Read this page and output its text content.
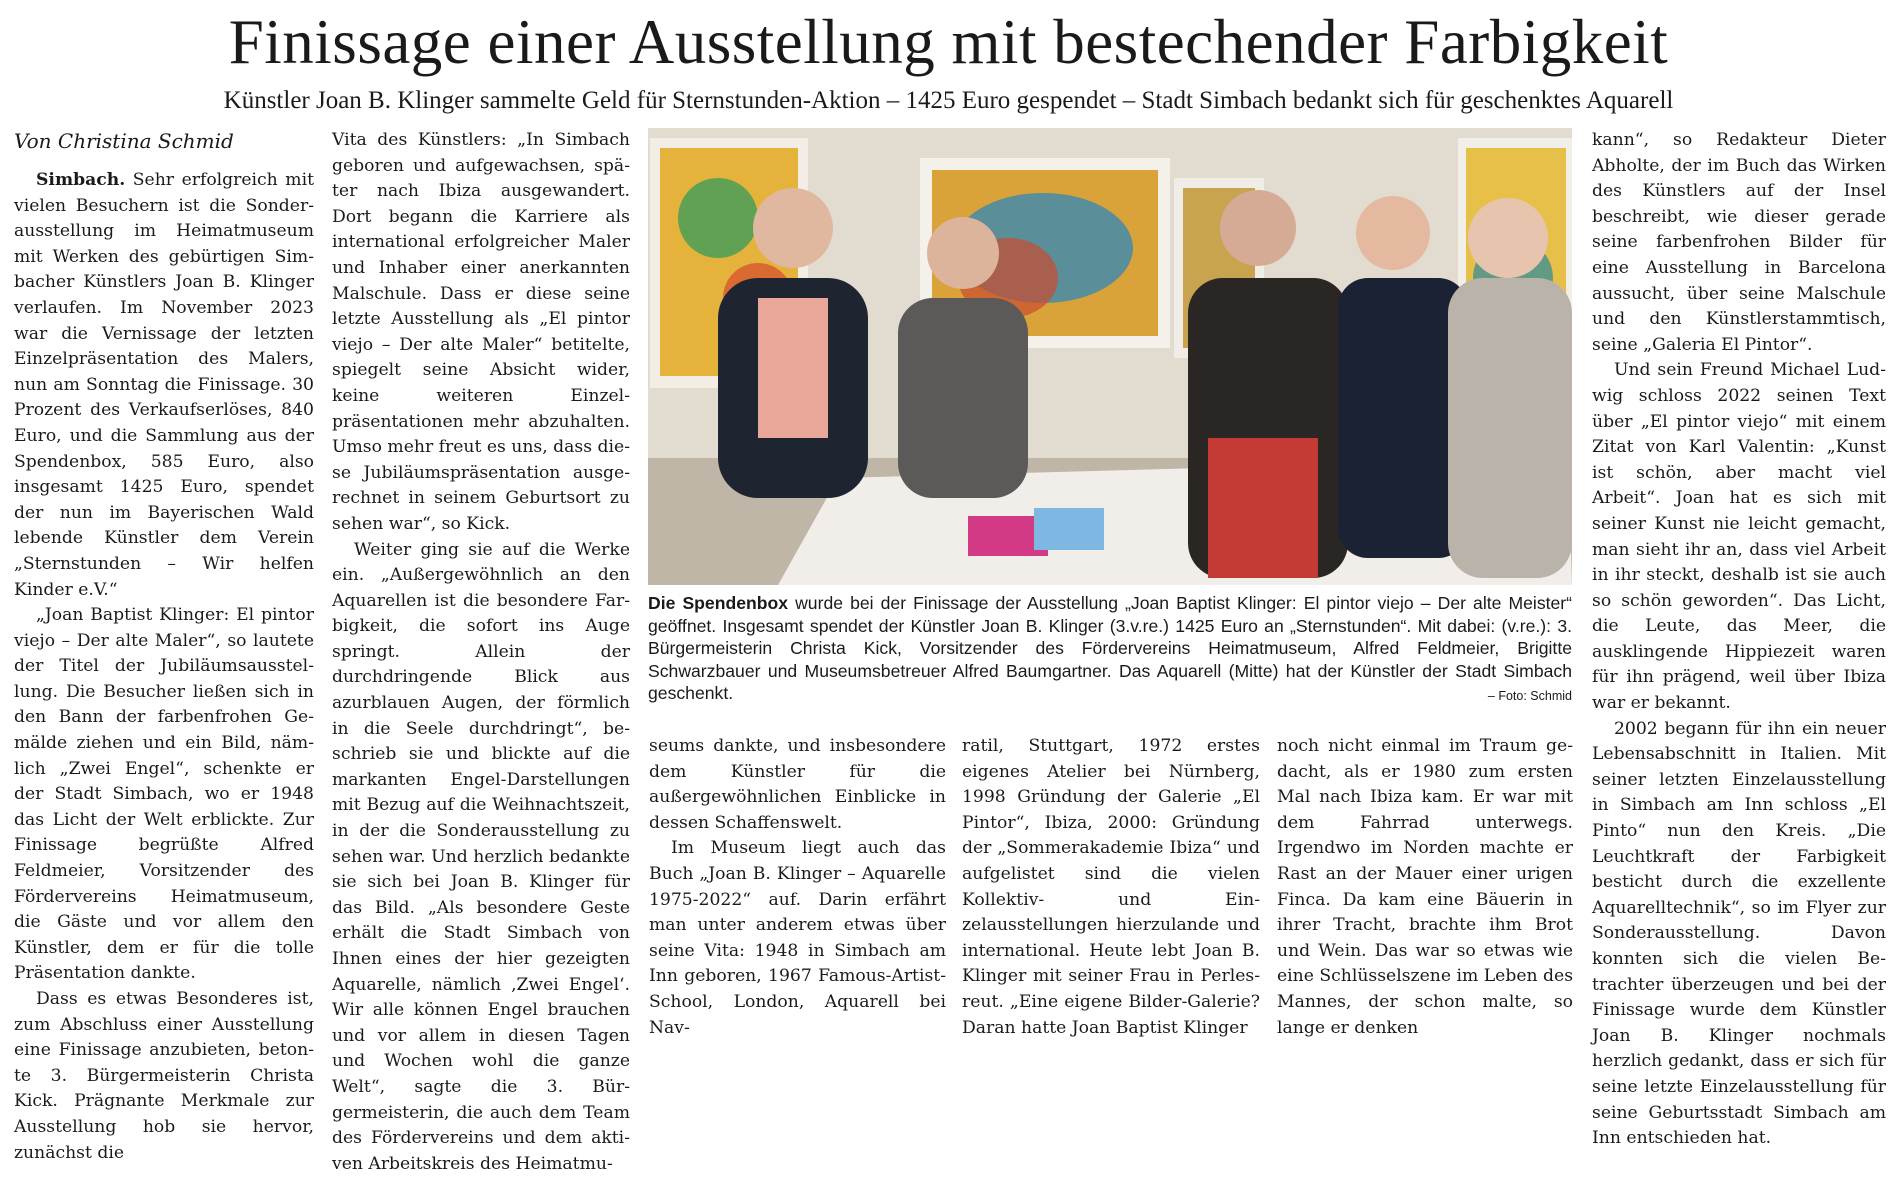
Finissage einer Ausstellung mit bestechender Farbigkeit
Künstler Joan B. Klinger sammelte Geld für Sternstunden-Aktion – 1425 Euro gespendet – Stadt Simbach bedankt sich für geschenktes Aquarell

Von Christina Schmid

Simbach. Sehr erfolgreich mit vielen Besuchern ist die Sonderausstellung im Heimatmuseum mit Werken des gebürtigen Simbacher Künstlers Joan B. Klinger verlaufen. Im November 2023 war die Vernissage der letzten Einzelpräsentation des Malers, nun am Sonntag die Finissage. 30 Prozent des Verkaufserlöses, 840 Euro, und die Sammlung aus der Spendenbox, 585 Euro, also insgesamt 1425 Euro, spendet der nun im Bayerischen Wald lebende Künstler dem Verein „Sternstunden – Wir helfen Kinder e.V.“

„Joan Baptist Klinger: El pintor viejo – Der alte Maler“, so lautete der Titel der Jubiläumsausstellung. Die Besucher ließen sich in den Bann der farbenfrohen Gemälde ziehen und ein Bild, nämlich „Zwei Engel“, schenkte er der Stadt Simbach, wo er 1948 das Licht der Welt erblickte. Zur Finissage begrüßte Alfred Feldmeier, Vorsitzender des Fördervereins Heimatmuseum, die Gäste und vor allem den Künstler, dem er für die tolle Präsentation dankte.

Dass es etwas Besonderes ist, zum Abschluss einer Ausstellung eine Finissage anzubieten, betonte 3. Bürgermeisterin Christa Kick. Prägnante Merkmale zur Ausstellung hob sie hervor, zunächst die

Vita des Künstlers: „In Simbach geboren und aufgewachsen, später nach Ibiza ausgewandert. Dort begann die Karriere als international erfolgreicher Maler und Inhaber einer anerkannten Malschule. Dass er diese seine letzte Ausstellung als „El pintor viejo – Der alte Maler“ betitelte, spiegelt seine Absicht wider, keine weiteren Einzelpräsentationen mehr abzuhalten. Umso mehr freut es uns, dass diese Jubiläumspräsentation ausgerechnet in seinem Geburtsort zu sehen war“, so Kick.

Weiter ging sie auf die Werke ein. „Außergewöhnlich an den Aquarellen ist die besondere Farbigkeit, die sofort ins Auge springt. Allein der durchdringende Blick aus azurblauen Augen, der förmlich in die Seele durchdringt“, beschrieb sie und blickte auf die markanten Engel-Darstellungen mit Bezug auf die Weihnachtszeit, in der die Sonderausstellung zu sehen war. Und herzlich bedankte sie sich bei Joan B. Klinger für das Bild. „Als besondere Geste erhält die Stadt Simbach von Ihnen eines der hier gezeigten Aquarelle, nämlich ‚Zwei Engel‘. Wir alle können Engel brauchen und vor allem in diesen Tagen und Wochen wohl die ganze Welt“, sagte die 3. Bürgermeisterin, die auch dem Team des Fördervereins und dem aktiven Arbeitskreis des Heimatmu-

Die Spendenbox wurde bei der Finissage der Ausstellung „Joan Baptist Klinger: El pintor viejo – Der alte Meister“ geöffnet. Insgesamt spendet der Künstler Joan B. Klinger (3.v.re.) 1425 Euro an „Sternstunden“. Mit dabei: (v.re.): 3. Bürgermeisterin Christa Kick, Vorsitzender des Fördervereins Heimatmuseum, Alfred Feldmeier, Brigitte Schwarzbauer und Museumsbetreuer Alfred Baumgartner. Das Aquarell (Mitte) hat der Künstler der Stadt Simbach geschenkt.	– Foto: Schmid

seums dankte, und insbesondere dem Künstler für die außergewöhnlichen Einblicke in dessen Schaffenswelt.

Im Museum liegt auch das Buch „Joan B. Klinger – Aquarelle 1975-2022“ auf. Darin erfährt man unter anderem etwas über seine Vita: 1948 in Simbach am Inn geboren, 1967 Famous-Artist-School, London, Aquarell bei Nav-

ratil, Stuttgart, 1972 erstes eigenes Atelier bei Nürnberg, 1998 Gründung der Galerie „El Pintor“, Ibiza, 2000: Gründung der „Sommerakademie Ibiza“ und aufgelistet sind die vielen Kollektiv- und Einzelausstellungen hierzulande und international. Heute lebt Joan B. Klinger mit seiner Frau in Perlesreut. „Eine eigene Bilder-Galerie? Daran hatte Joan Baptist Klinger

noch nicht einmal im Traum gedacht, als er 1980 zum ersten Mal nach Ibiza kam. Er war mit dem Fahrrad unterwegs. Irgendwo im Norden machte er Rast an der Mauer einer urigen Finca. Da kam eine Bäuerin in ihrer Tracht, brachte ihm Brot und Wein. Das war so etwas wie eine Schlüsselszene im Leben des Mannes, der schon malte, so lange er denken

kann“, so Redakteur Dieter Abholte, der im Buch das Wirken des Künstlers auf der Insel beschreibt, wie dieser gerade seine farbenfrohen Bilder für eine Ausstellung in Barcelona aussucht, über seine Malschule und den Künstlerstammtisch, seine „Galeria El Pintor“.

Und sein Freund Michael Ludwig schloss 2022 seinen Text über „El pintor viejo“ mit einem Zitat von Karl Valentin: „Kunst ist schön, aber macht viel Arbeit“. Joan hat es sich mit seiner Kunst nie leicht gemacht, man sieht ihr an, dass viel Arbeit in ihr steckt, deshalb ist sie auch so schön geworden“. Das Licht, die Leute, das Meer, die ausklingende Hippiezeit waren für ihn prägend, weil über Ibiza war er bekannt.

2002 begann für ihn ein neuer Lebensabschnitt in Italien. Mit seiner letzten Einzelausstellung in Simbach am Inn schloss „El Pinto“ nun den Kreis. „Die Leuchtkraft der Farbigkeit besticht durch die exzellente Aquarelltechnik“, so im Flyer zur Sonderausstellung. Davon konnten sich die vielen Betrachter überzeugen und bei der Finissage wurde dem Künstler Joan B. Klinger nochmals herzlich gedankt, dass er sich für seine letzte Einzelausstellung für seine Geburtsstadt Simbach am Inn entschieden hat.
